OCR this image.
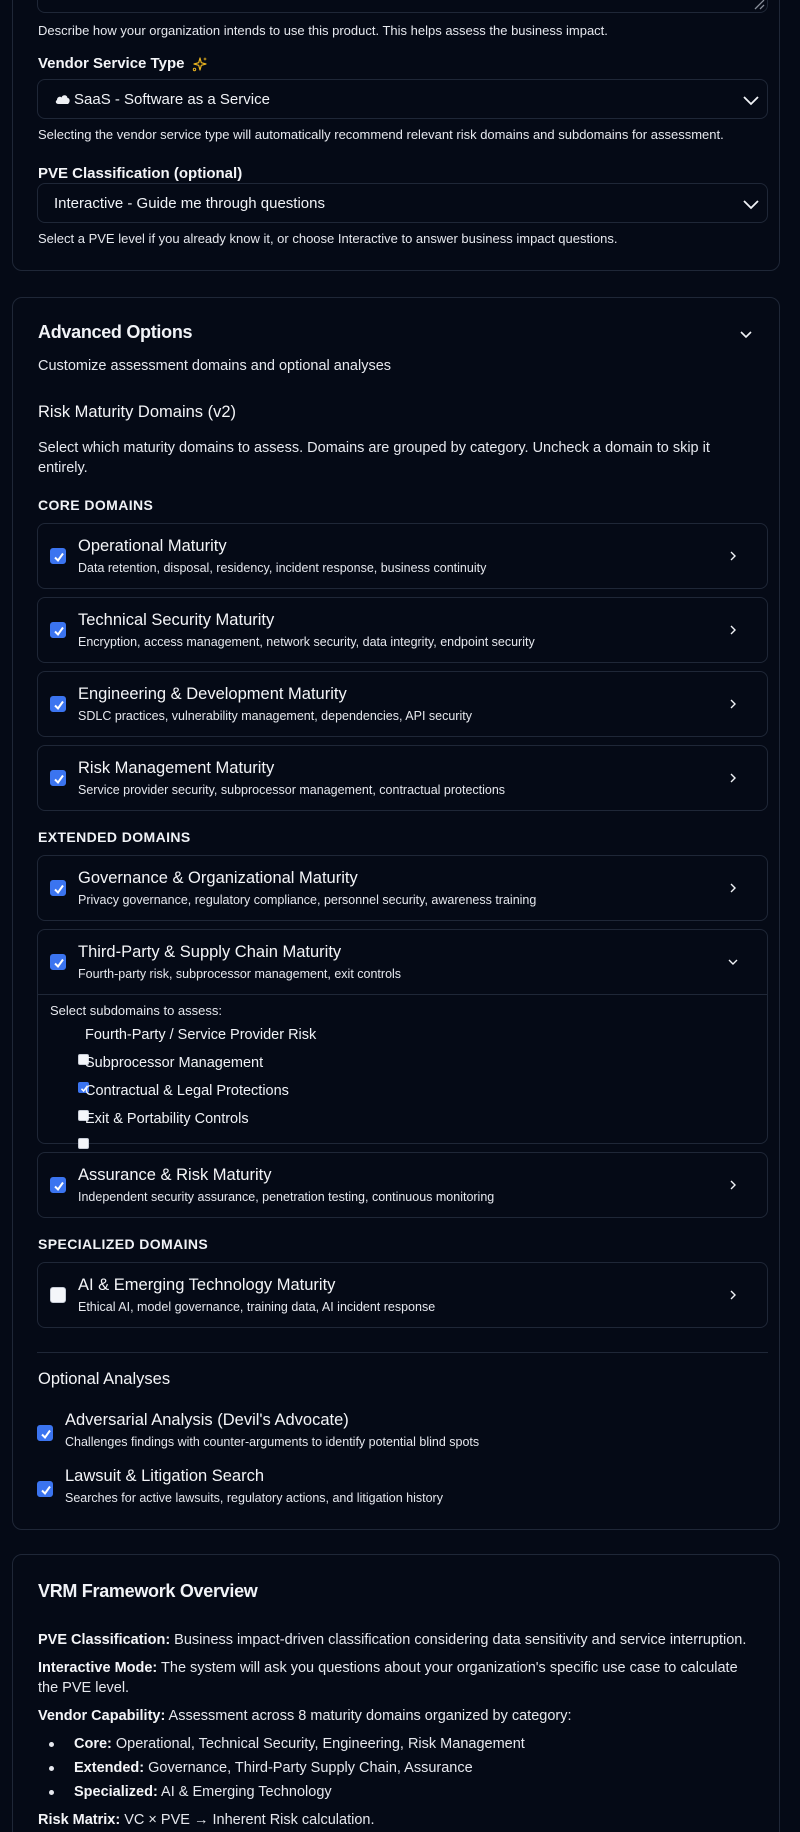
Describe how your organization intends to use this product. This helps assess the business impact.
Vendor Service Type
SaaS - Software as a Service
Selecting the vendor service type will automatically recommend relevant risk domains and subdomains for assessment.
PVE Classification (optional)
Interactive - Guide me through questions
Select a PVE level if you already know it, or choose Interactive to answer business impact questions.
Advanced Options
Customize assessment domains and optional analyses
Risk Maturity Domains (v2)
Select which maturity domains to assess. Domains are grouped by category. Uncheck a domain to skip it entirely.
CORE DOMAINS
Operational Maturity
Data retention, disposal, residency, incident response, business continuity
Technical Security Maturity
Encryption, access management, network security, data integrity, endpoint security
Engineering & Development Maturity
SDLC practices, vulnerability management, dependencies, API security
Risk Management Maturity
Service provider security, subprocessor management, contractual protections
EXTENDED DOMAINS
Governance & Organizational Maturity
Privacy governance, regulatory compliance, personnel security, awareness training
Third-Party & Supply Chain Maturity
Fourth-party risk, subprocessor management, exit controls
Select subdomains to assess:
Fourth-Party / Service Provider Risk
Subprocessor Management
Contractual & Legal Protections
Exit & Portability Controls
Assurance & Risk Maturity
Independent security assurance, penetration testing, continuous monitoring
SPECIALIZED DOMAINS
AI & Emerging Technology Maturity
Ethical AI, model governance, training data, AI incident response
Optional Analyses
Adversarial Analysis (Devil's Advocate)
Challenges findings with counter-arguments to identify potential blind spots
Lawsuit & Litigation Search
Searches for active lawsuits, regulatory actions, and litigation history
VRM Framework Overview
PVE Classification: Business impact-driven classification considering data sensitivity and service interruption.
Interactive Mode: The system will ask you questions about your organization's specific use case to calculate the PVE level.
Vendor Capability: Assessment across 8 maturity domains organized by category:
Core: Operational, Technical Security, Engineering, Risk Management
Extended: Governance, Third-Party Supply Chain, Assurance
Specialized: AI & Emerging Technology
Risk Matrix: VC × PVE → Inherent Risk calculation.
